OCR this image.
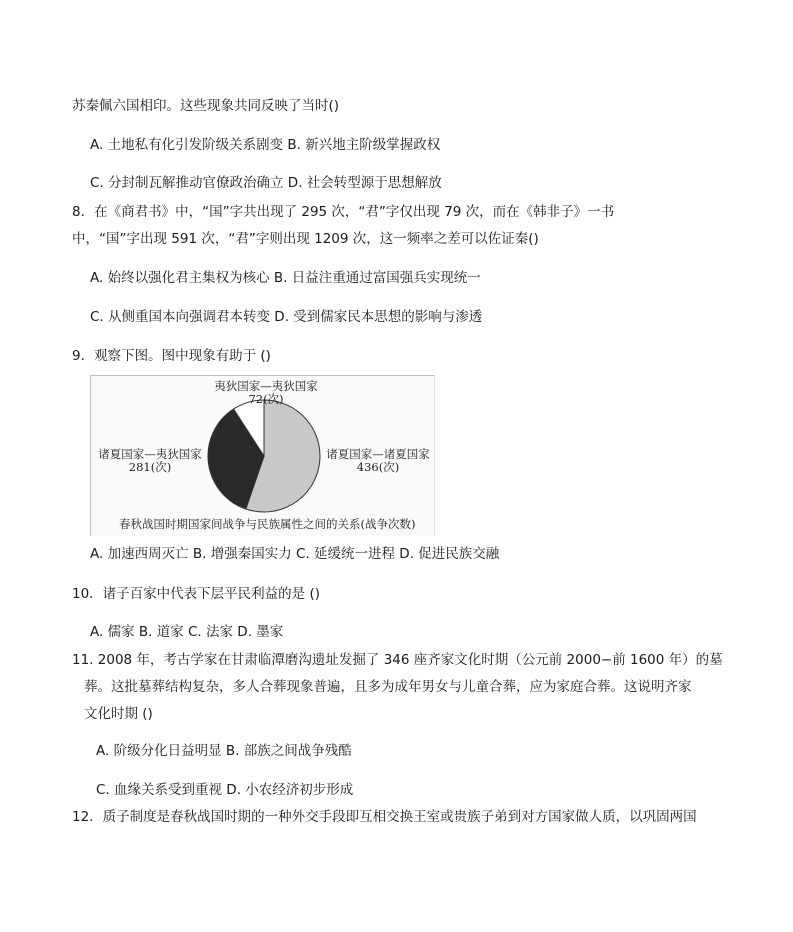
苏秦佩六国相印。这些现象共同反映了当时()
A. 土地私有化引发阶级关系剧变 B. 新兴地主阶级掌握政权
C. 分封制瓦解推动官僚政治确立 D. 社会转型源于思想解放
8．在《商君书》中，“国”字共出现了 295 次，“君”字仅出现 79 次，而在《韩非子》一书
中，“国”字出现 591 次，“君”字则出现 1209 次，这一频率之差可以佐证秦()
A. 始终以强化君主集权为核心 B. 日益注重通过富国强兵实现统一
C. 从侧重国本向强调君本转变 D. 受到儒家民本思想的影响与渗透
9．观察下图。图中现象有助于 ()
夷狄国家—夷狄国家
72(次)
诸夏国家—夷狄国家
281(次)
诸夏国家—诸夏国家
436(次)
春秋战国时期国家间战争与民族属性之间的关系(战争次数)
A. 加速西周灭亡 B. 增强秦国实力 C. 延缓统一进程 D. 促进民族交融
10．诸子百家中代表下层平民利益的是 ()
A. 儒家 B. 道家 C. 法家 D. 墨家
11. 2008 年，考古学家在甘肃临潭磨沟遗址发掘了 346 座齐家文化时期（公元前 2000−前 1600 年）的墓
葬。这批墓葬结构复杂，多人合葬现象普遍，且多为成年男女与儿童合葬，应为家庭合葬。这说明齐家
文化时期 ()
A. 阶级分化日益明显 B. 部族之间战争残酷
C. 血缘关系受到重视 D. 小农经济初步形成
12．质子制度是春秋战国时期的一种外交手段即互相交换王室或贵族子弟到对方国家做人质，以巩固两国
